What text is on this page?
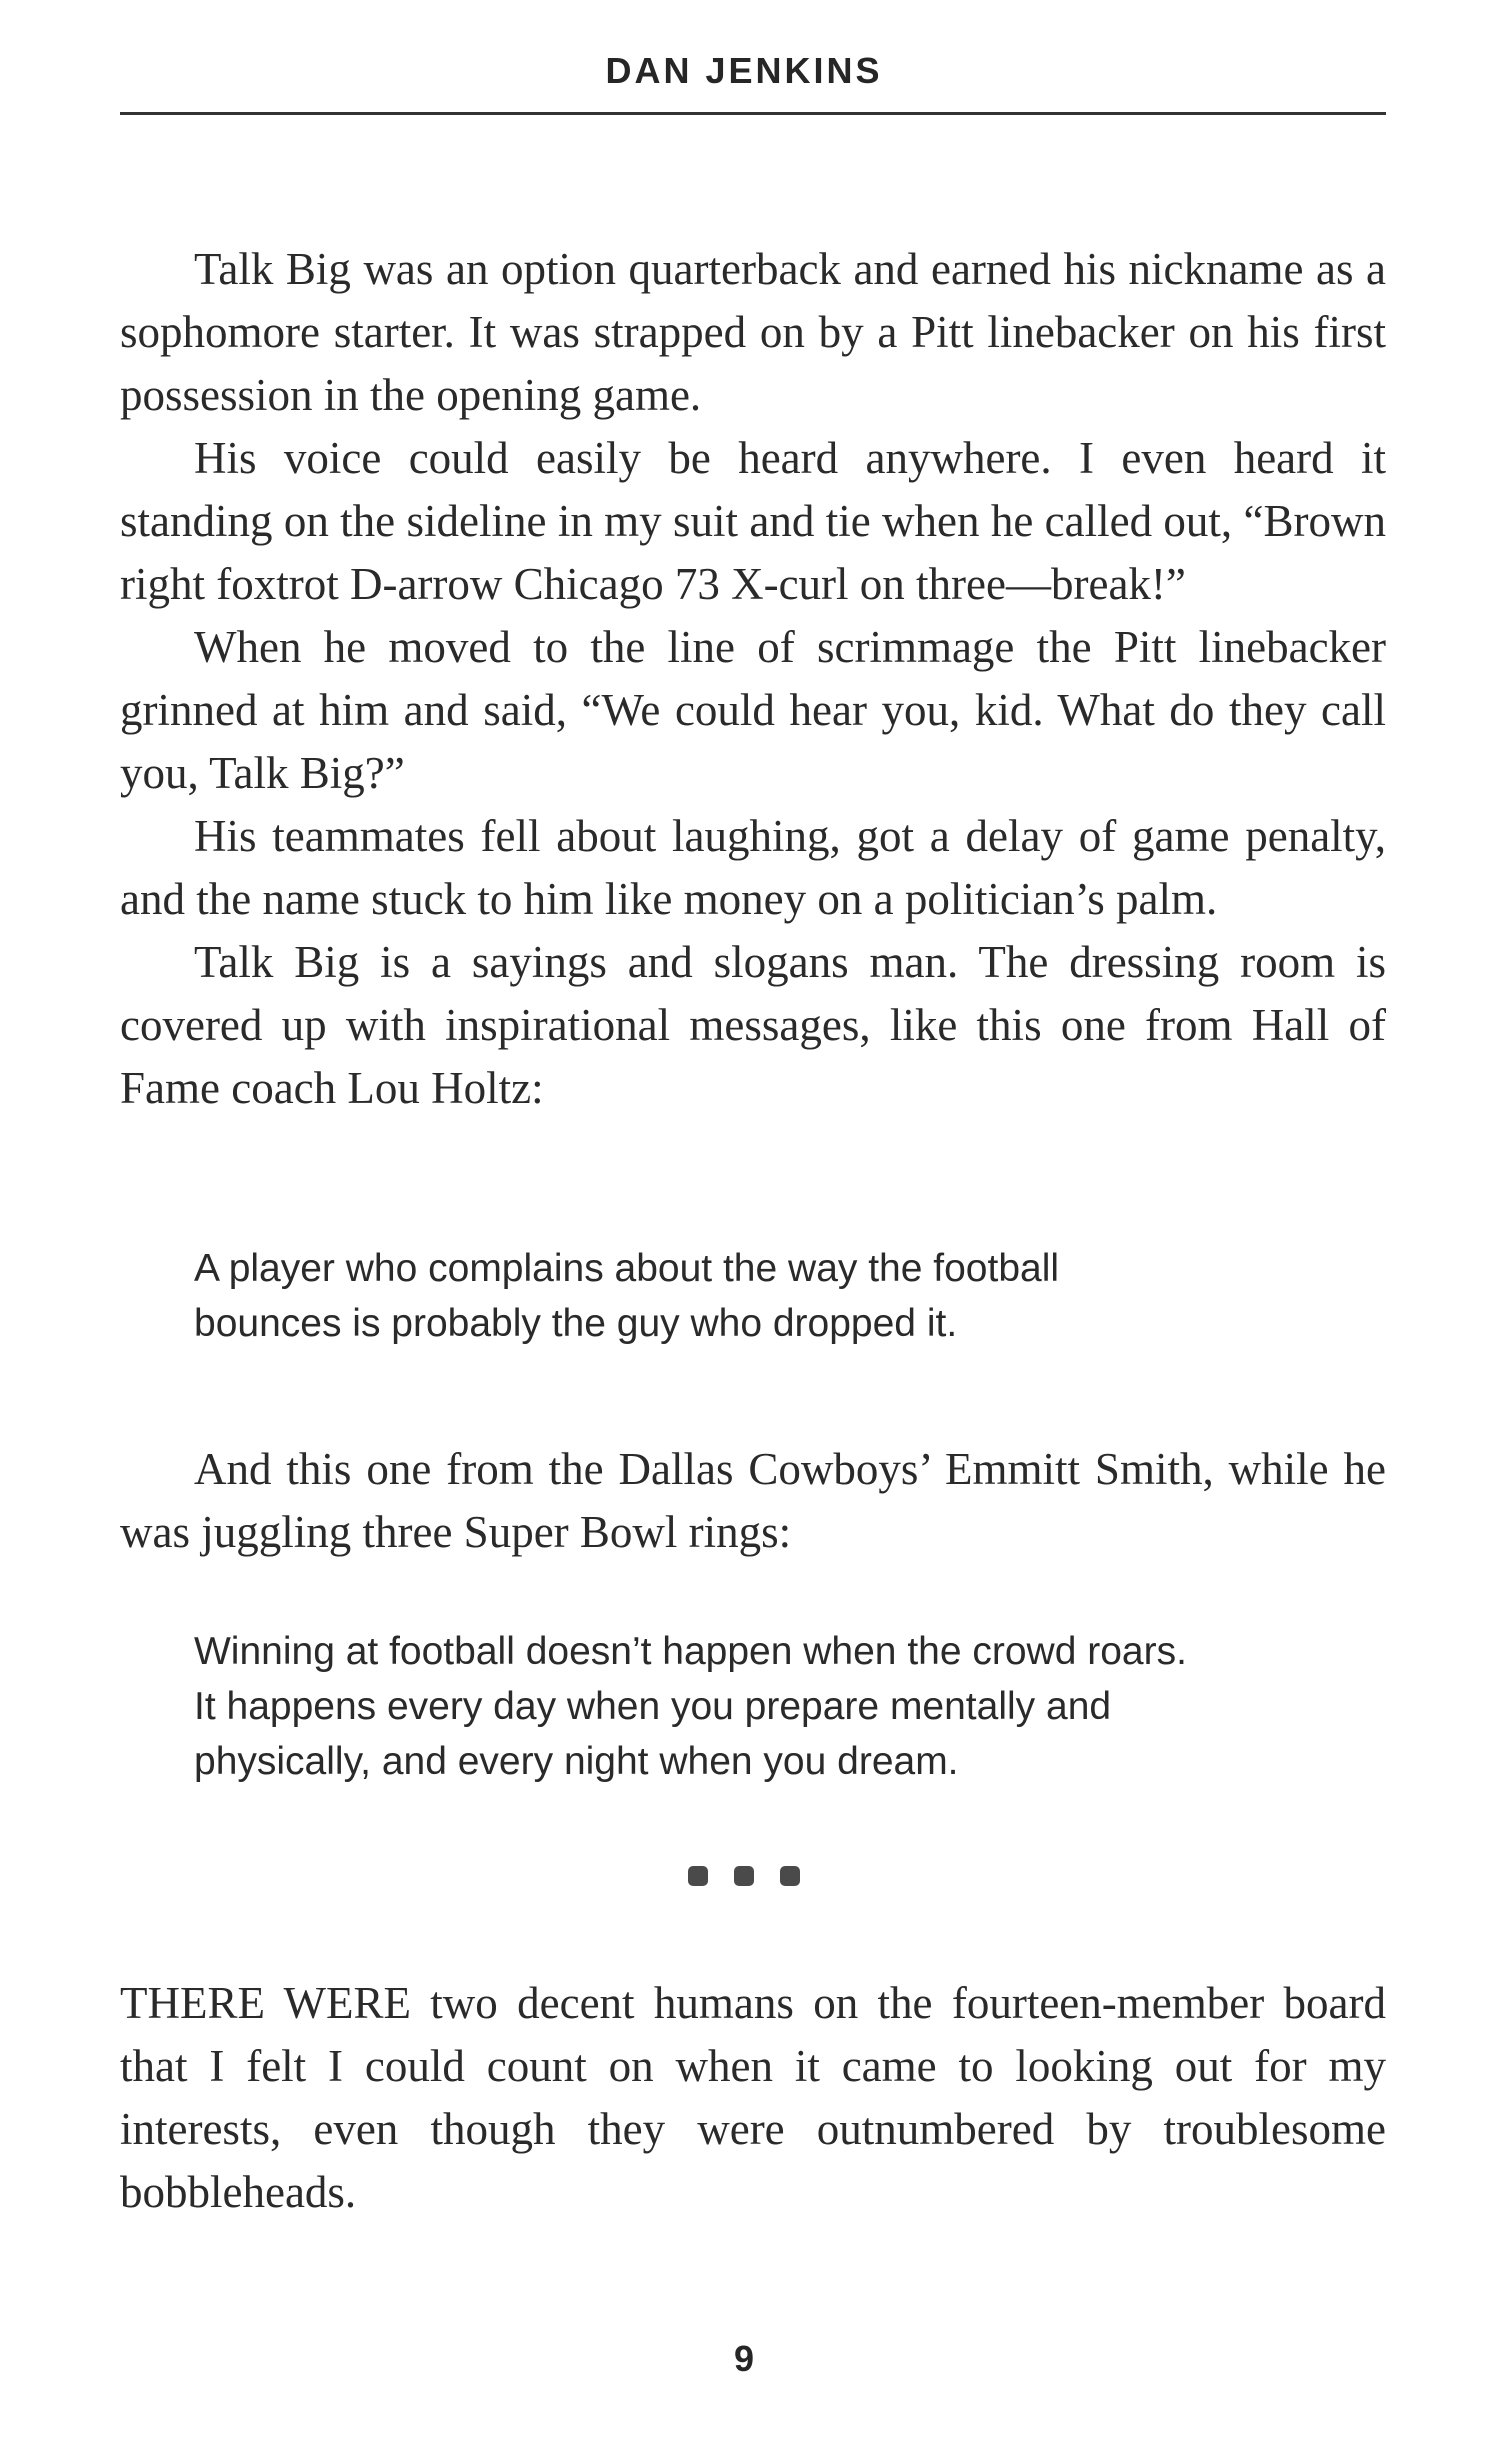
DAN JENKINS

Talk Big was an option quarterback and earned his nickname as a sophomore starter. It was strapped on by a Pitt linebacker on his first possession in the opening game.

His voice could easily be heard anywhere. I even heard it standing on the sideline in my suit and tie when he called out, “Brown right foxtrot D-arrow Chicago 73 X-curl on three—break!”

When he moved to the line of scrimmage the Pitt linebacker grinned at him and said, “We could hear you, kid. What do they call you, Talk Big?”

His teammates fell about laughing, got a delay of game penalty, and the name stuck to him like money on a politician’s palm.

Talk Big is a sayings and slogans man. The dressing room is covered up with inspirational messages, like this one from Hall of Fame coach Lou Holtz:

A player who complains about the way the football
bounces is probably the guy who dropped it.

And this one from the Dallas Cowboys’ Emmitt Smith, while he was juggling three Super Bowl rings:

Winning at football doesn’t happen when the crowd roars.
It happens every day when you prepare mentally and
physically, and every night when you dream.

THERE WERE two decent humans on the fourteen-member board that I felt I could count on when it came to looking out for my interests, even though they were outnumbered by troublesome bobbleheads.

9
